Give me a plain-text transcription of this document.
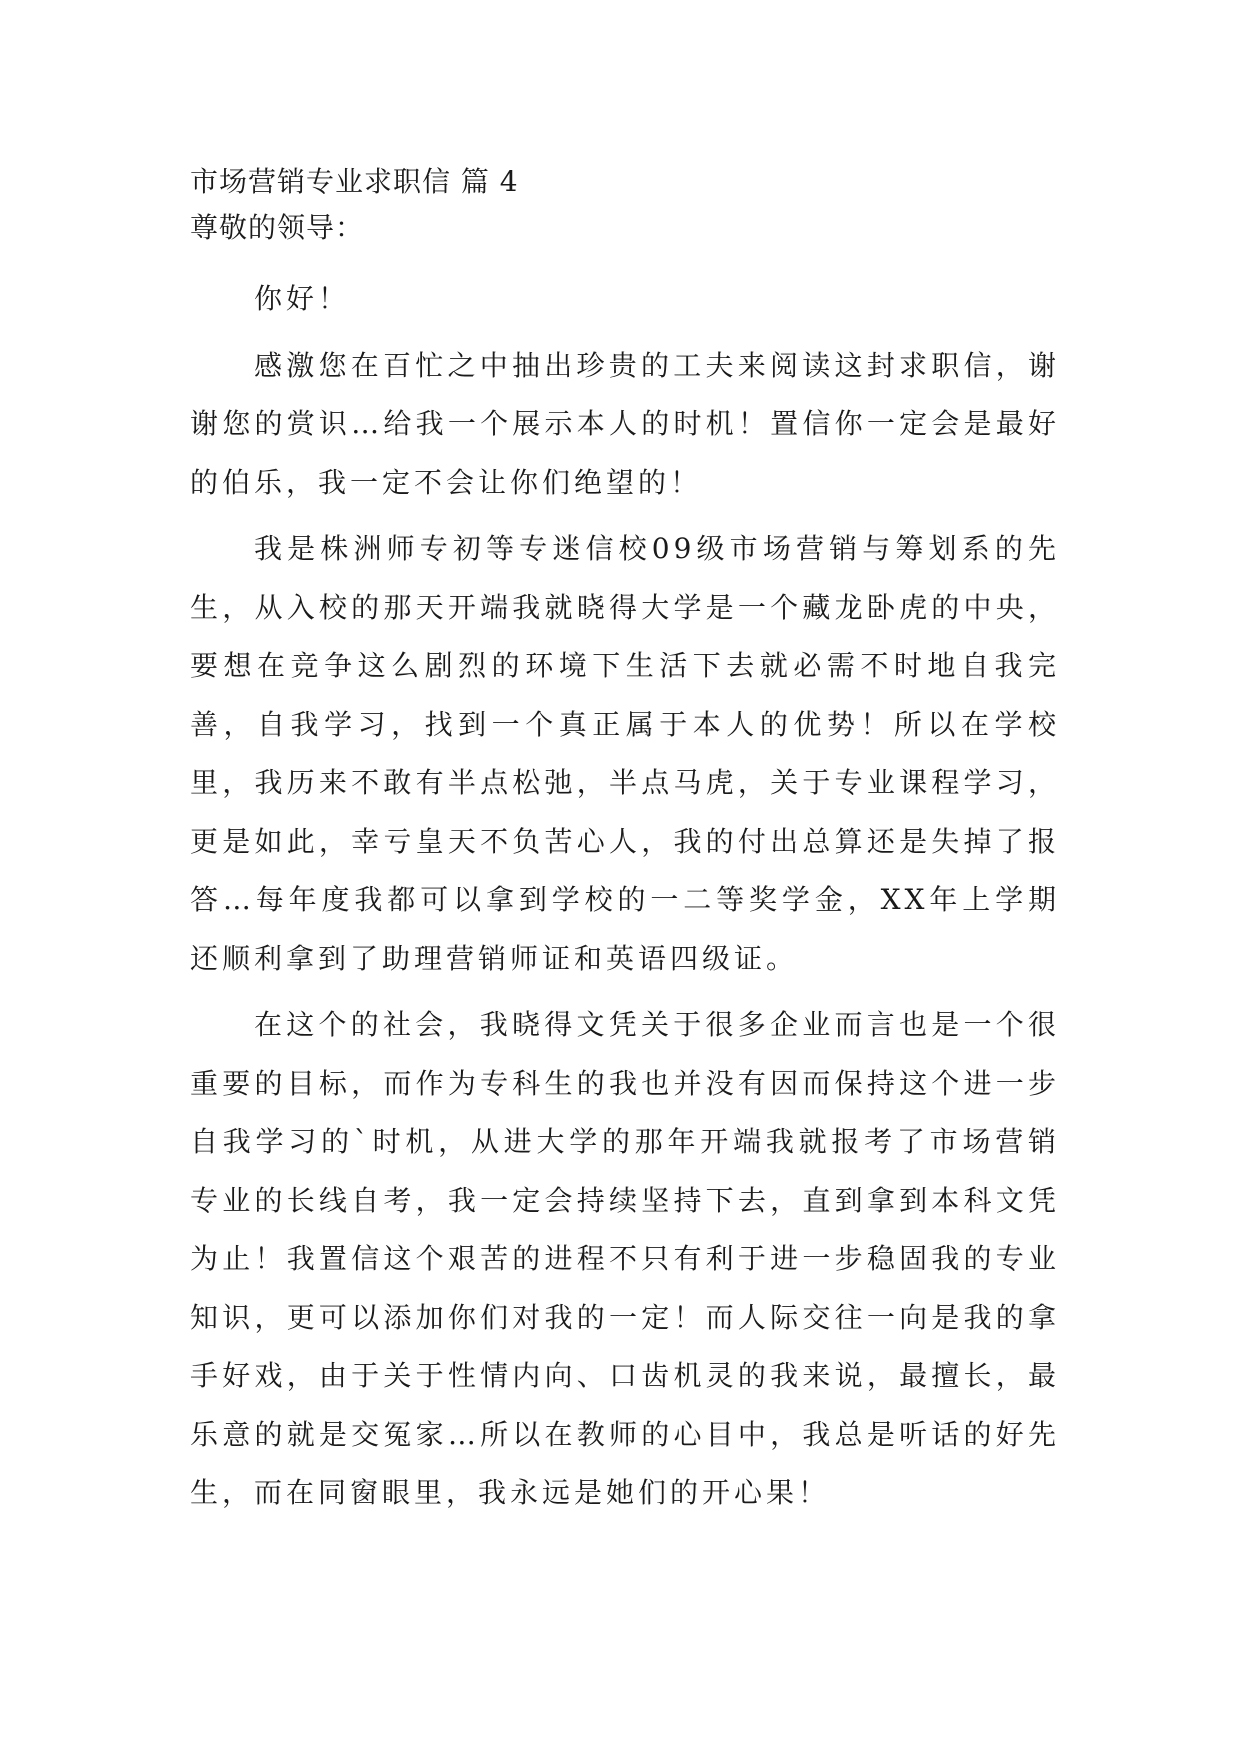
市场营销专业求职信 篇 4
尊敬的领导：

你好！

感激您在百忙之中抽出珍贵的工夫来阅读这封求职信，谢谢您的赏识…给我一个展示本人的时机！置信你一定会是最好的伯乐，我一定不会让你们绝望的！

我是株洲师专初等专迷信校09级市场营销与筹划系的先生，从入校的那天开端我就晓得大学是一个藏龙卧虎的中央，要想在竞争这么剧烈的环境下生活下去就必需不时地自我完善，自我学习，找到一个真正属于本人的优势！所以在学校里，我历来不敢有半点松弛，半点马虎，关于专业课程学习，更是如此，幸亏皇天不负苦心人，我的付出总算还是失掉了报答…每年度我都可以拿到学校的一二等奖学金，XX年上学期还顺利拿到了助理营销师证和英语四级证。

在这个的社会，我晓得文凭关于很多企业而言也是一个很重要的目标，而作为专科生的我也并没有因而保持这个进一步自我学习的`时机，从进大学的那年开端我就报考了市场营销专业的长线自考，我一定会持续坚持下去，直到拿到本科文凭为止！我置信这个艰苦的进程不只有利于进一步稳固我的专业知识，更可以添加你们对我的一定！而人际交往一向是我的拿手好戏，由于关于性情内向、口齿机灵的我来说，最擅长，最乐意的就是交冤家…所以在教师的心目中，我总是听话的好先生，而在同窗眼里，我永远是她们的开心果！
